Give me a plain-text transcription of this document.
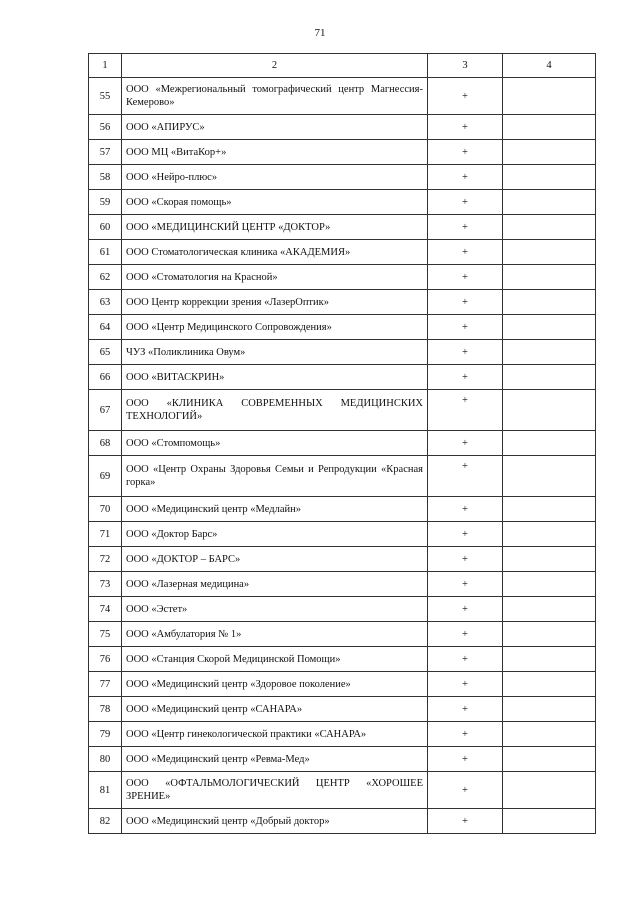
71
1	2	3	4
55	ООО «Межрегиональный томографический центр Магнессия-Кемерово»	+	
56	ООО «АПИРУС»	+	
57	ООО МЦ «ВитаКор+»	+	
58	ООО «Нейро-плюс»	+	
59	ООО «Скорая помощь»	+	
60	ООО «МЕДИЦИНСКИЙ ЦЕНТР «ДОКТОР»	+	
61	ООО Стоматологическая клиника «АКАДЕМИЯ»	+	
62	ООО «Стоматология на Красной»	+	
63	ООО Центр коррекции зрения «ЛазерОптик»	+	
64	ООО «Центр Медицинского Сопровождения»	+	
65	ЧУЗ «Поликлиника Овум»	+	
66	ООО «ВИТАСКРИН»	+	
67	ООО «КЛИНИКА СОВРЕМЕННЫХ МЕДИЦИНСКИХ ТЕХНОЛОГИЙ»	+	
68	ООО «Стомпомощь»	+	
69	ООО «Центр Охраны Здоровья Семьи и Репродукции «Красная горка»	+	
70	ООО «Медицинский центр «Медлайн»	+	
71	ООО «Доктор Барс»	+	
72	ООО «ДОКТОР – БАРС»	+	
73	ООО «Лазерная медицина»	+	
74	ООО «Эстет»	+	
75	ООО «Амбулатория № 1»	+	
76	ООО «Станция Скорой Медицинской Помощи»	+	
77	ООО «Медицинский центр «Здоровое поколение»	+	
78	ООО «Медицинский центр «САНАРА»	+	
79	ООО «Центр гинекологической практики «САНАРА»	+	
80	ООО «Медицинский центр «Ревма-Мед»	+	
81	ООО «ОФТАЛЬМОЛОГИЧЕСКИЙ ЦЕНТР «ХОРОШЕЕ ЗРЕНИЕ»	+	
82	ООО «Медицинский центр «Добрый доктор»	+	
